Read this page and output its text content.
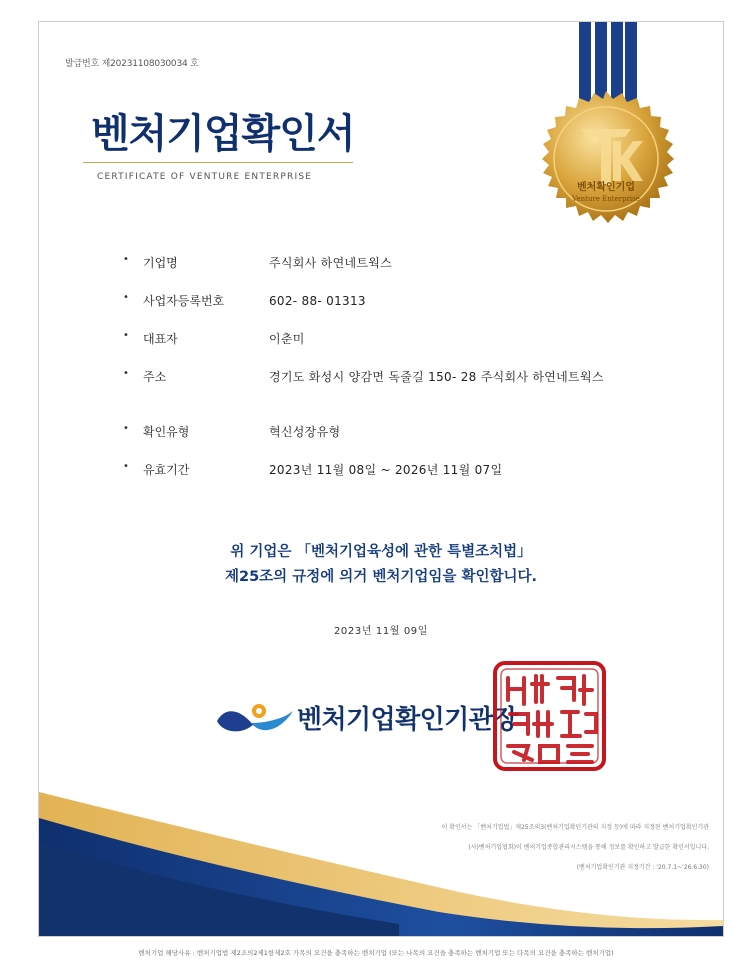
발급번호 제20231108030034 호
벤처기업확인서
CERTIFICATE OF VENTURE ENTERPRISE
벤처확인기업
Venture Enterprise
• 기업명	주식회사 하연네트웍스
• 사업자등록번호	602- 88- 01313
• 대표자	이춘미
• 주소	경기도 화성시 양감면 독줄길 150- 28 주식회사 하연네트웍스
• 확인유형	혁신성장유형
• 유효기간	2023년 11월 08일 ~ 2026년 11월 07일
위 기업은 「벤처기업육성에 관한 특별조치법」
제25조의 규정에 의거 벤처기업임을 확인합니다.
2023년 11월 09일
벤처기업확인기관장
이 확인서는 「벤처기업법」제25조의3(벤처기업확인기관의 지정 등)에 따라 지정된 벤처기업확인기관
(사)벤처기업협회)이 벤처기업종합관리시스템을 통해 정보를 확인하고 발급한 확인서입니다.
(벤처기업확인기관 지정기간 : '20.7.1~'26.6.30)
벤처기업 해당사유 : 벤처기업법 제2조의2제1항제2호 가목의 요건을 충족하는 벤처기업 (또는 나목의 요건을 충족하는 벤처기업 또는 다목의 요건을 충족하는 벤처기업)
